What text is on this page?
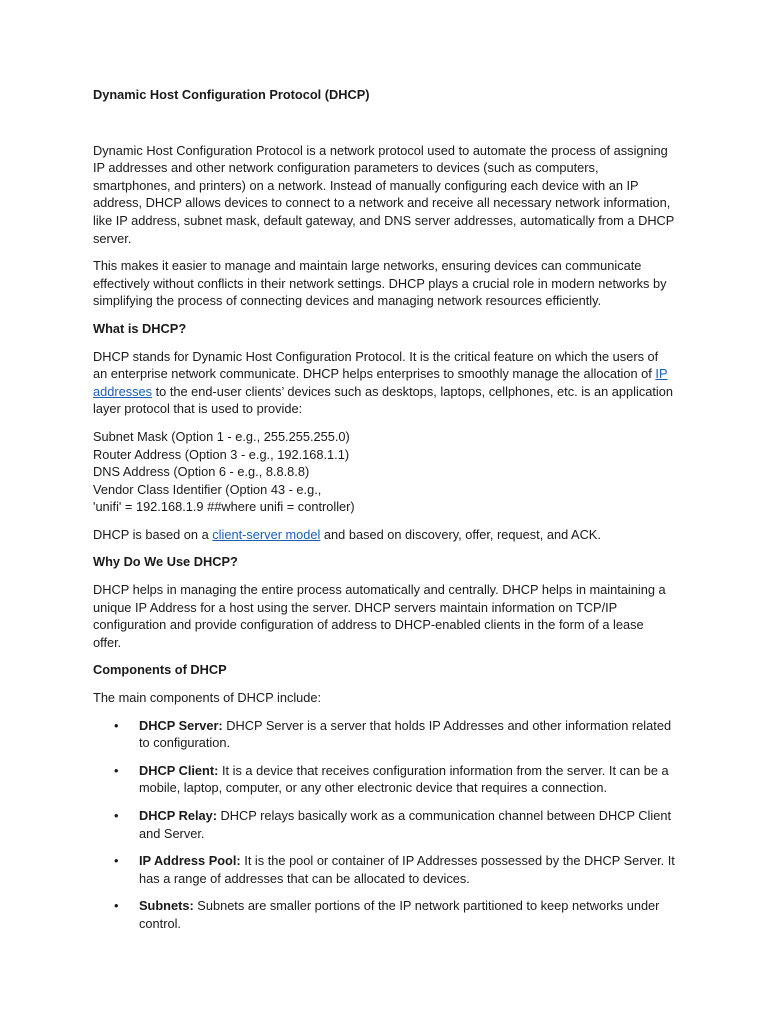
Dynamic Host Configuration Protocol (DHCP)

Dynamic Host Configuration Protocol is a network protocol used to automate the process of assigning IP addresses and other network configuration parameters to devices (such as computers, smartphones, and printers) on a network. Instead of manually configuring each device with an IP address, DHCP allows devices to connect to a network and receive all necessary network information, like IP address, subnet mask, default gateway, and DNS server addresses, automatically from a DHCP server.

This makes it easier to manage and maintain large networks, ensuring devices can communicate effectively without conflicts in their network settings. DHCP plays a crucial role in modern networks by simplifying the process of connecting devices and managing network resources efficiently.

What is DHCP?

DHCP stands for Dynamic Host Configuration Protocol. It is the critical feature on which the users of an enterprise network communicate. DHCP helps enterprises to smoothly manage the allocation of IP addresses to the end-user clients’ devices such as desktops, laptops, cellphones, etc. is an application layer protocol that is used to provide:

Subnet Mask (Option 1 - e.g., 255.255.255.0)
Router Address (Option 3 - e.g., 192.168.1.1)
DNS Address (Option 6 - e.g., 8.8.8.8)
Vendor Class Identifier (Option 43 - e.g.,
'unifi' = 192.168.1.9 ##where unifi = controller)

DHCP is based on a client-server model and based on discovery, offer, request, and ACK.

Why Do We Use DHCP?

DHCP helps in managing the entire process automatically and centrally. DHCP helps in maintaining a unique IP Address for a host using the server. DHCP servers maintain information on TCP/IP configuration and provide configuration of address to DHCP-enabled clients in the form of a lease offer.

Components of DHCP

The main components of DHCP include:

• DHCP Server: DHCP Server is a server that holds IP Addresses and other information related to configuration.
• DHCP Client: It is a device that receives configuration information from the server. It can be a mobile, laptop, computer, or any other electronic device that requires a connection.
• DHCP Relay: DHCP relays basically work as a communication channel between DHCP Client and Server.
• IP Address Pool: It is the pool or container of IP Addresses possessed by the DHCP Server. It has a range of addresses that can be allocated to devices.
• Subnets: Subnets are smaller portions of the IP network partitioned to keep networks under control.
